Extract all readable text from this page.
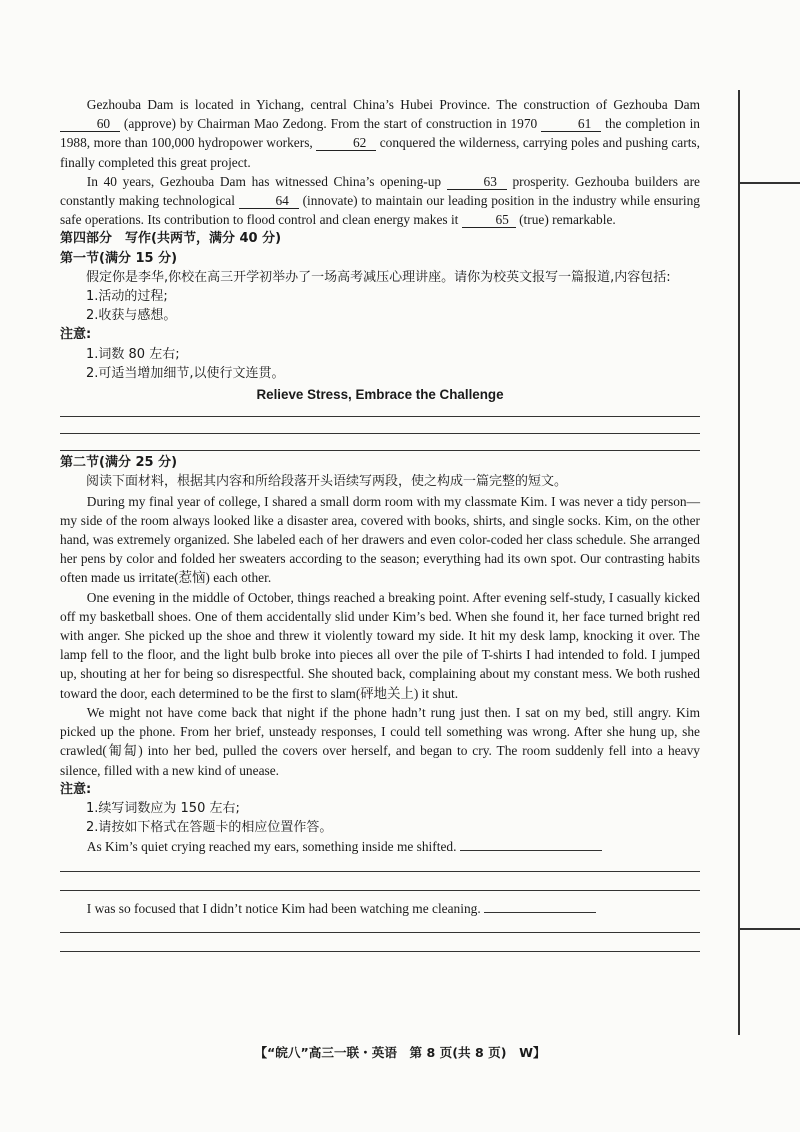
Gezhouba Dam is located in Yichang, central China’s Hubei Province. The construction of Gezhouba Dam 60 (approve) by Chairman Mao Zedong. From the start of construction in 1970	61 the completion in 1988, more than 100,000 hydropower workers,	62 conquered the wilderness, carrying poles and pushing carts, finally completed this great project.

In 40 years, Gezhouba Dam has witnessed China’s opening-up	63 prosperity. Gezhouba builders are constantly making technological	64 (innovate) to maintain our leading position in the industry while ensuring safe operations. Its contribution to flood control and clean energy makes it	65 (true) remarkable.

第四部分　写作(共两节，满分 40 分)

第一节(满分 15 分)

假定你是李华,你校在高三开学初举办了一场高考减压心理讲座。请你为校英文报写一篇报道,内容包括:

1.活动的过程;

2.收获与感想。

注意:

1.词数 80 左右;

2.可适当增加细节,以使行文连贯。

Relieve Stress, Embrace the Challenge

第二节(满分 25 分)

阅读下面材料，根据其内容和所给段落开头语续写两段，使之构成一篇完整的短文。

During my final year of college, I shared a small dorm room with my classmate Kim. I was never a tidy person—my side of the room always looked like a disaster area, covered with books, shirts, and single socks. Kim, on the other hand, was extremely organized. She labeled each of her drawers and even color-coded her class schedule. She arranged her pens by color and folded her sweaters according to the season; everything had its own spot. Our contrasting habits often made us irritate(惹恼) each other.

One evening in the middle of October, things reached a breaking point. After evening self-study, I casually kicked off my basketball shoes. One of them accidentally slid under Kim’s bed. When she found it, her face turned bright red with anger. She picked up the shoe and threw it violently toward my side. It hit my desk lamp, knocking it over. The lamp fell to the floor, and the light bulb broke into pieces all over the pile of T-shirts I had intended to fold. I jumped up, shouting at her for being so disrespectful. She shouted back, complaining about my constant mess. We both rushed toward the door, each determined to be the first to slam(砰地关上) it shut.

We might not have come back that night if the phone hadn’t rung just then. I sat on my bed, still angry. Kim picked up the phone. From her brief, unsteady responses, I could tell something was wrong. After she hung up, she crawled(匍匐) into her bed, pulled the covers over herself, and began to cry. The room suddenly fell into a heavy silence, filled with a new kind of unease.

注意:

1.续写词数应为 150 左右;

2.请按如下格式在答题卡的相应位置作答。

As Kim’s quiet crying reached my ears, something inside me shifted.

I was so focused that I didn’t notice Kim had been watching me cleaning.

【“皖八”高三一联・英语　第 8 页(共 8 页)　W】
